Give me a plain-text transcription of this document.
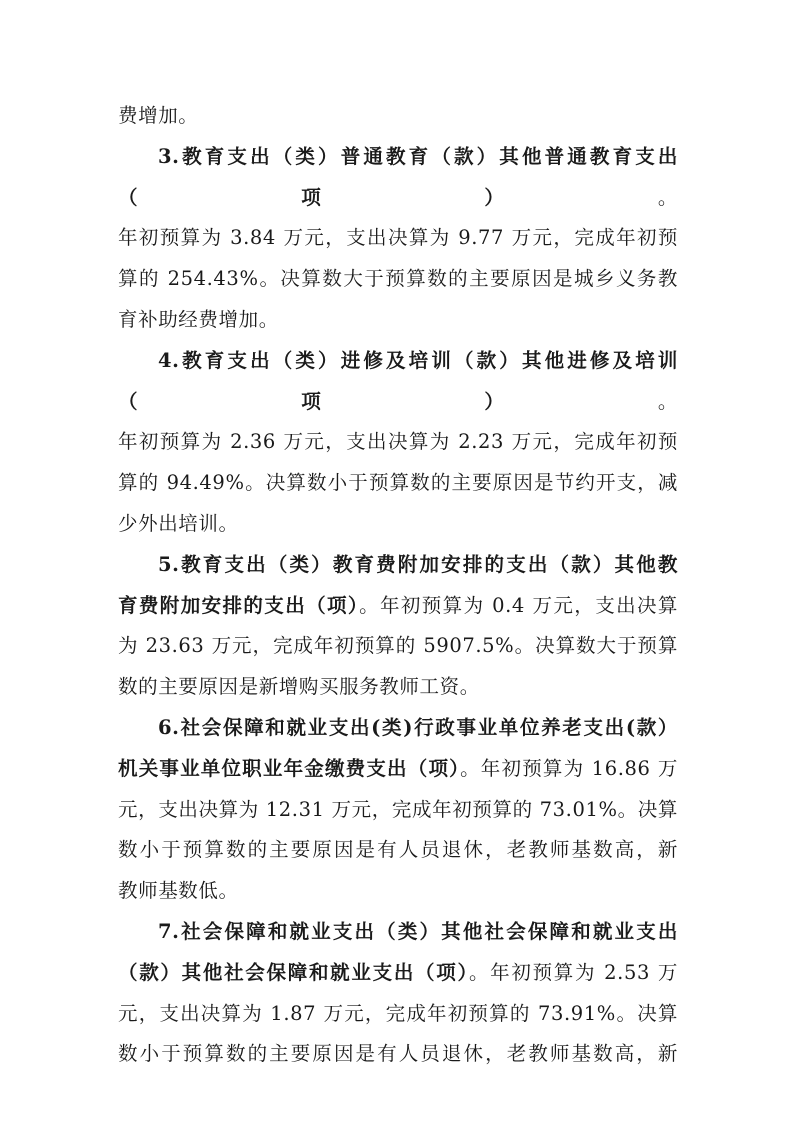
费增加。

3.教育支出（类）普通教育（款）其他普通教育支出（项）。

年初预算为 3.84 万元，支出决算为 9.77 万元，完成年初预

算的 254.43%。决算数大于预算数的主要原因是城乡义务教

育补助经费增加。

4.教育支出（类）进修及培训（款）其他进修及培训（项）。

年初预算为 2.36 万元，支出决算为 2.23 万元，完成年初预

算的 94.49%。决算数小于预算数的主要原因是节约开支，减

少外出培训。

5.教育支出（类）教育费附加安排的支出（款）其他教

育费附加安排的支出（项）。年初预算为 0.4 万元，支出决算

为 23.63 万元，完成年初预算的 5907.5%。决算数大于预算

数的主要原因是新增购买服务教师工资。

6.社会保障和就业支出(类)行政事业单位养老支出(款）

机关事业单位职业年金缴费支出（项）。年初预算为 16.86 万

元，支出决算为 12.31 万元，完成年初预算的 73.01%。决算

数小于预算数的主要原因是有人员退休，老教师基数高，新

教师基数低。

7.社会保障和就业支出（类）其他社会保障和就业支出

（款）其他社会保障和就业支出（项）。年初预算为 2.53 万

元，支出决算为 1.87 万元，完成年初预算的 73.91%。决算

数小于预算数的主要原因是有人员退休，老教师基数高，新
